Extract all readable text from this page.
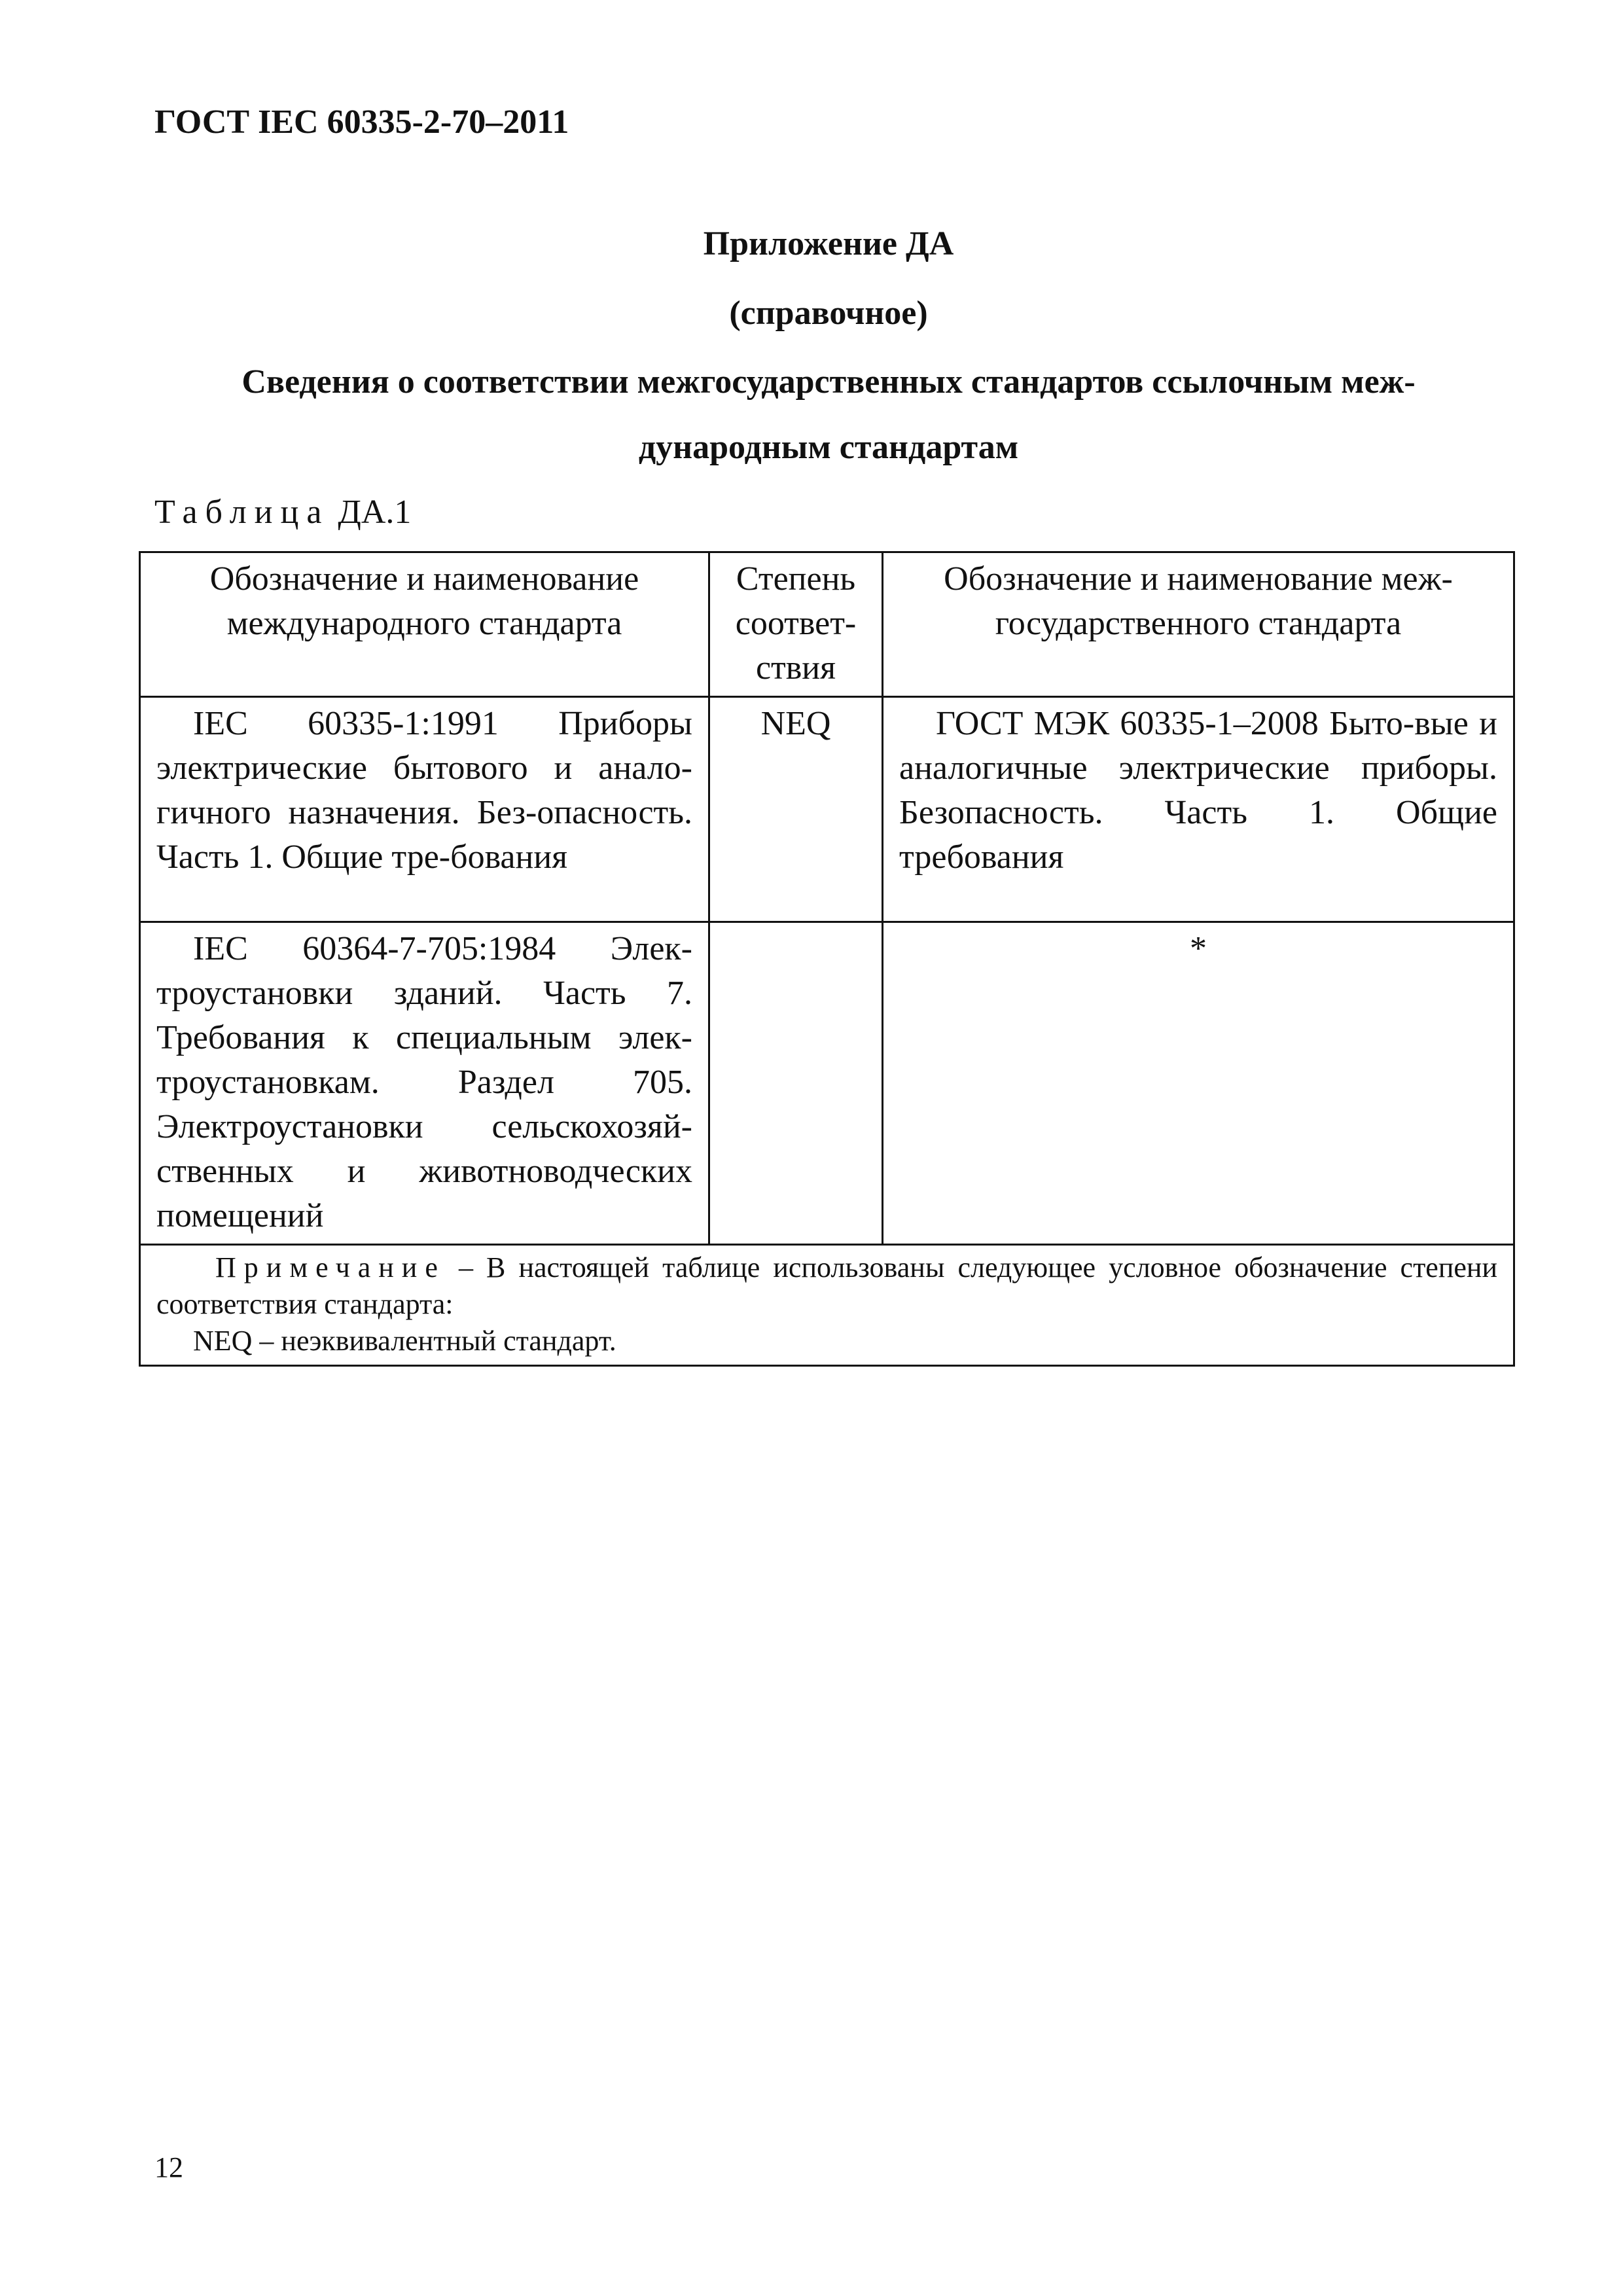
ГОСТ IEC 60335-2-70–2011

Приложение ДА

(справочное)

Сведения о соответствии межгосударственных стандартов ссылочным меж-дународным стандартам

Таблица ДА.1

Обозначение и наименование международного стандарта	Степень соответ-ствия	Обозначение и наименование меж-государственного стандарта
IEC 60335-1:1991 Приборы электрические бытового и анало-гичного назначения. Без-опасность. Часть 1. Общие тре-бования	NEQ	ГОСТ МЭК 60335-1–2008 Быто-вые и аналогичные электрические приборы. Безопасность. Часть 1. Общие требования
IEC 60364-7-705:1984 Элек-троустановки зданий. Часть 7. Требования к специальным элек-троустановкам. Раздел 705. Электроустановки сельскохозяй-ственных и животноводческих помещений		*

Примечание – В настоящей таблице использованы следующее условное обозначение степени соответствия стандарта:
NEQ – неэквивалентный стандарт.		

12
